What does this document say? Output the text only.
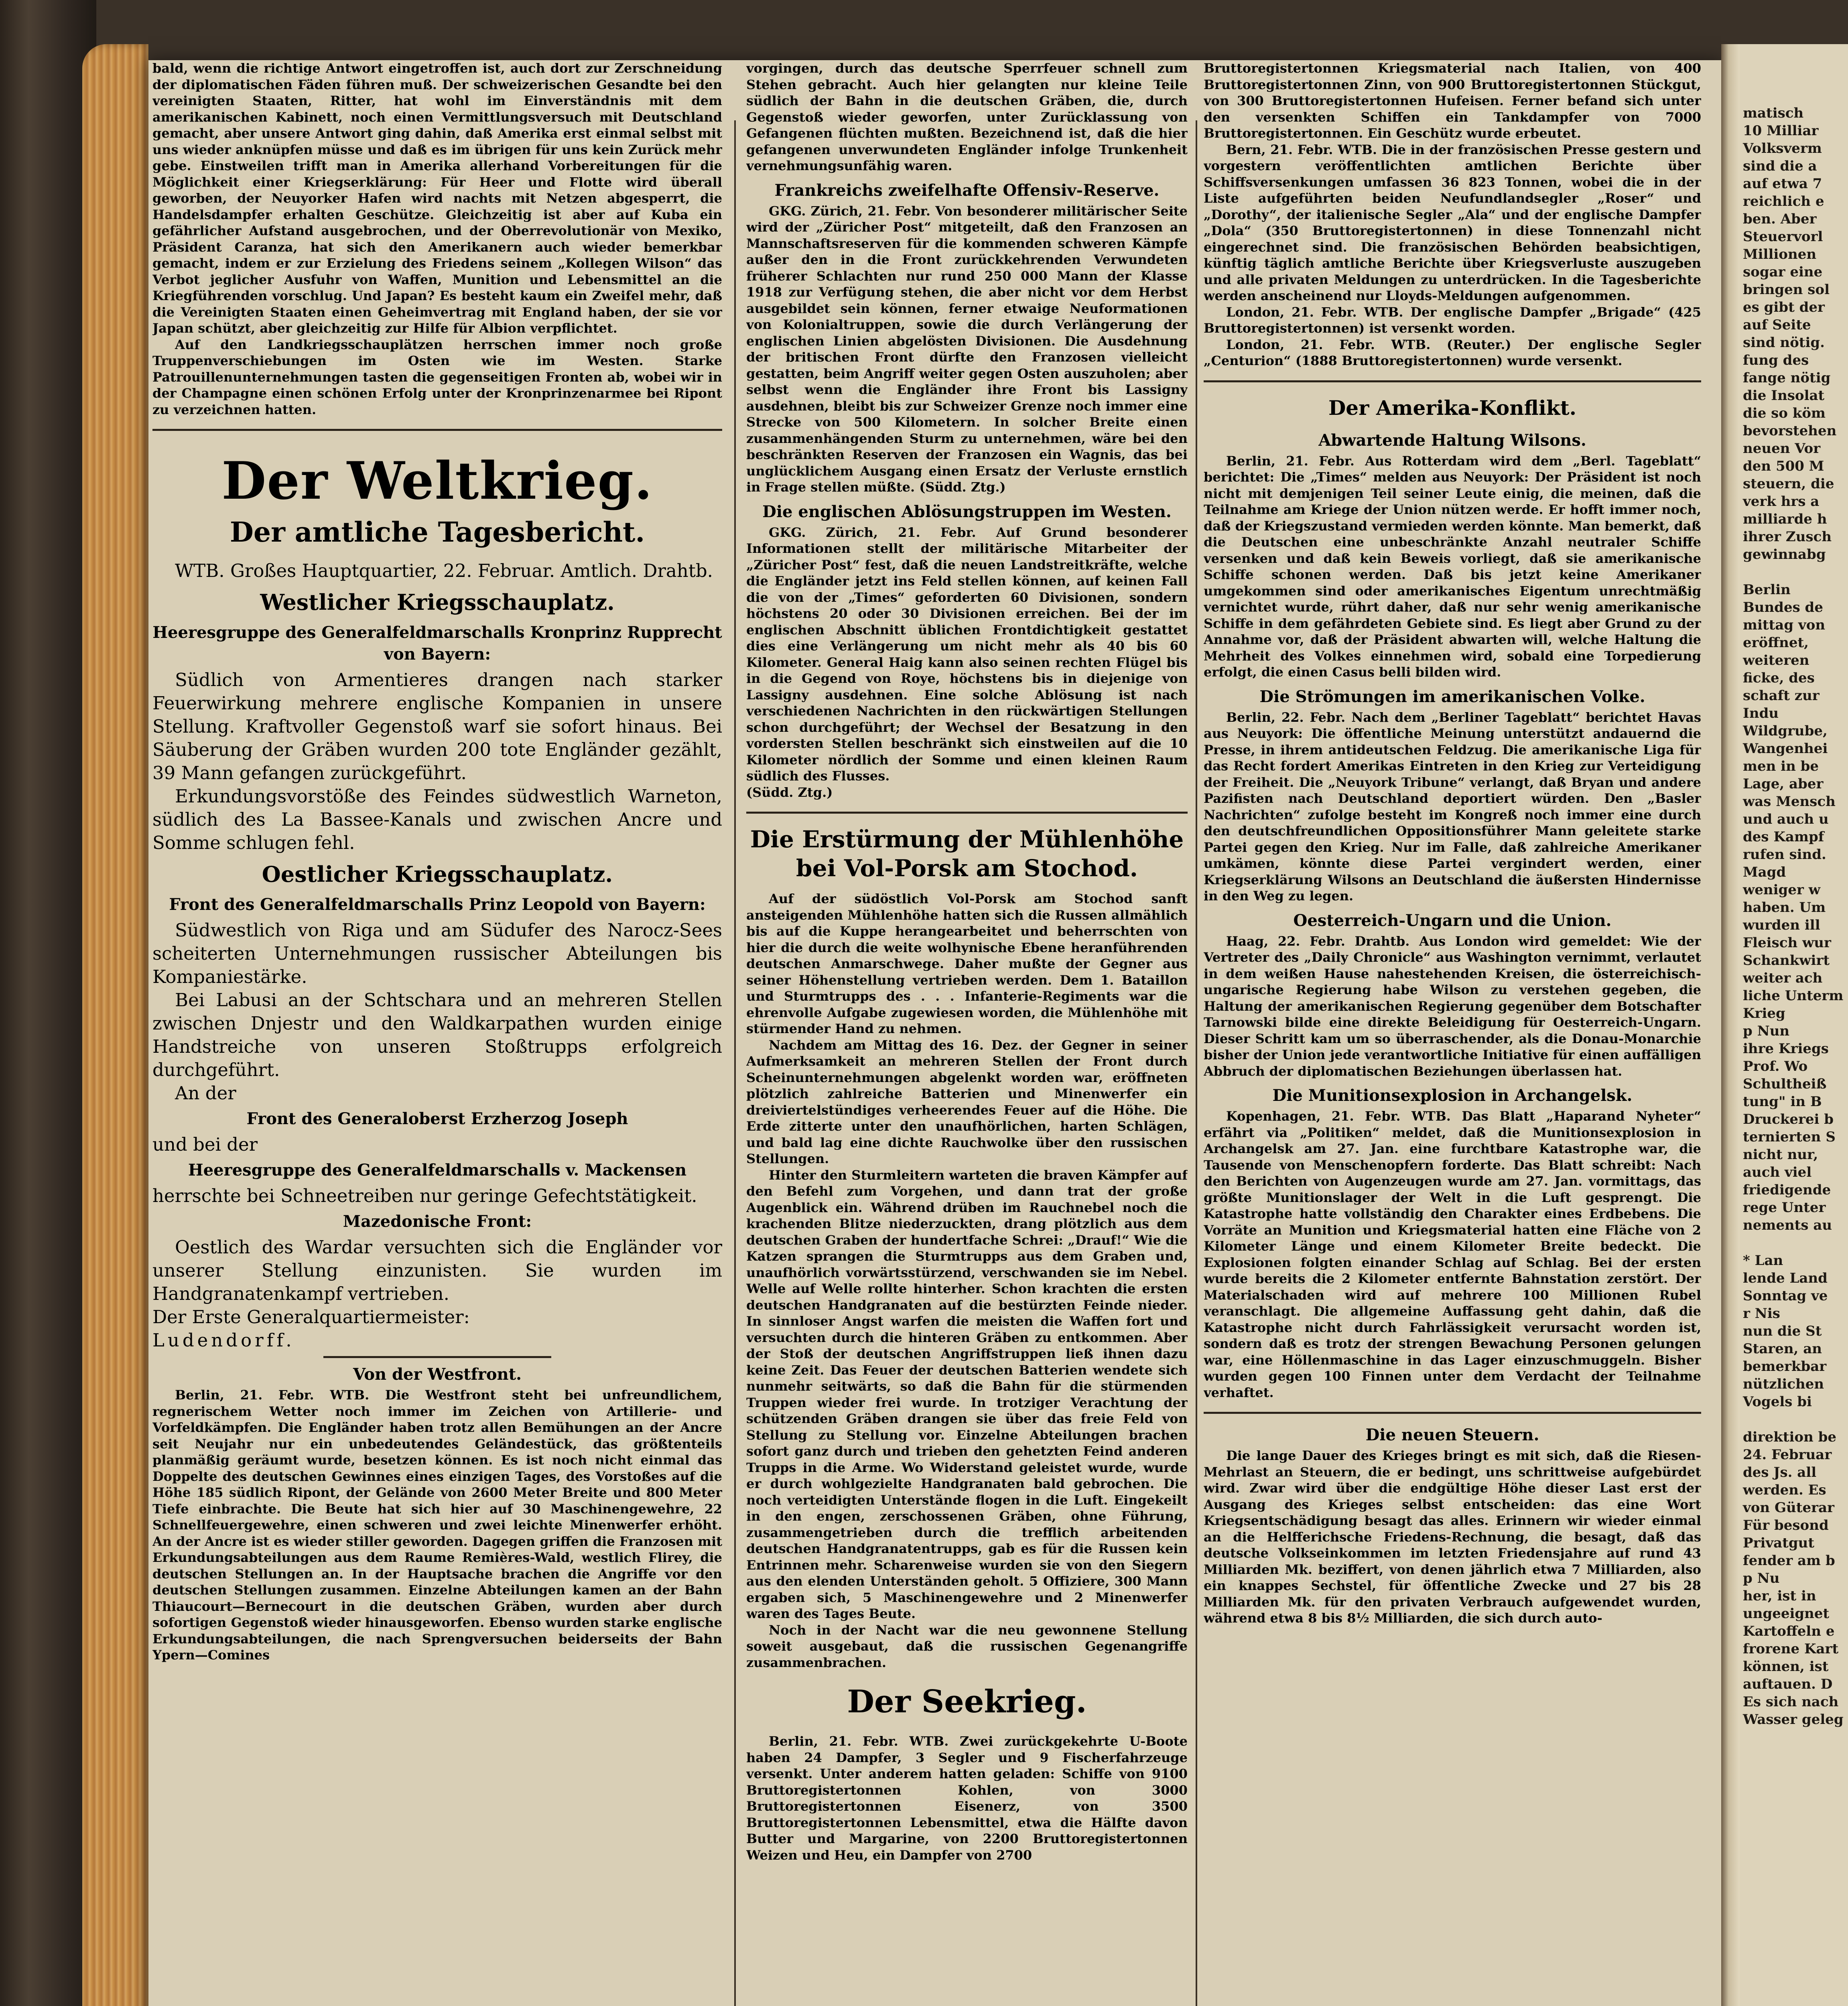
matisch
10 Milliar
Volksverm
sind die a
auf etwa 7
reichlich e
ben. Aber
Steuervorl
Millionen
sogar eine
bringen sol
es gibt der
auf Seite
sind nötig.
fung des
fange nötig
die Insolat
die so köm
bevorstehen
neuen Vor
den 500 M
steuern, die
verk hrs a
milliarde h
ihrer Zusch
gewinnabg

Berlin
Bundes de
mittag von
eröffnet,
weiteren
ficke, des
schaft zur
Indu
Wildgrube,
Wangenhei
men in be
Lage, aber
was Mensch
und auch u
des Kampf
rufen sind.
Magd
weniger w
haben. Um
wurden ill
Fleisch wur
Schankwirt
weiter ach
liche Unterm
Krieg
p Nun
ihre Kriegs
Prof. Wo
Schultheiß
tung" in B
Druckerei b
ternierten S
nicht nur,
auch viel
friedigende
rege Unter
nements au

* Lan
lende Land
Sonntag ve
r Nis
nun die St
Staren, an
bemerkbar
nützlichen
Vogels bi

direktion be
24. Februar
des Js. all
werden. Es
von Güterar
Für besond
Privatgut
fender am b
p Nu
her, ist in
ungeeignet
Kartoffeln e
frorene Kart
können, ist
auftauen. D
Es sich nach
Wasser geleg

bald, wenn die richtige Antwort eingetroffen ist, auch dort zur Zerschneidung der diplomatischen Fäden führen muß. Der schweizerischen Gesandte bei den vereinigten Staaten, Ritter, hat wohl im Einverständnis mit dem amerikanischen Kabinett, noch einen Vermittlungsversuch mit Deutschland gemacht, aber unsere Antwort ging dahin, daß Amerika erst einmal selbst mit uns wieder anknüpfen müsse und daß es im übrigen für uns kein Zurück mehr gebe. Einstweilen trifft man in Amerika allerhand Vorbereitungen für die Möglichkeit einer Kriegserklärung: Für Heer und Flotte wird überall geworben, der Neuyorker Hafen wird nachts mit Netzen abgesperrt, die Handelsdampfer erhalten Geschütze. Gleichzeitig ist aber auf Kuba ein gefährlicher Aufstand ausgebrochen, und der Oberrevolutionär von Mexiko, Präsident Caranza, hat sich den Amerikanern auch wieder bemerkbar gemacht, indem er zur Erzielung des Friedens seinem „Kollegen Wilson“ das Verbot jeglicher Ausfuhr von Waffen, Munition und Lebensmittel an die Kriegführenden vorschlug. Und Japan? Es besteht kaum ein Zweifel mehr, daß die Vereinigten Staaten einen Geheimvertrag mit England haben, der sie vor Japan schützt, aber gleichzeitig zur Hilfe für Albion verpflichtet.

Auf den Landkriegsschauplätzen herrschen immer noch große Truppenverschiebungen im Osten wie im Westen. Starke Patrouillenunternehmungen tasten die gegenseitigen Fronten ab, wobei wir in der Champagne einen schönen Erfolg unter der Kronprinzenarmee bei Ripont zu verzeichnen hatten.

Der Weltkrieg.
Der amtliche Tagesbericht.

WTB. Großes Hauptquartier, 22. Februar. Amtlich. Drahtb.

Westlicher Kriegsschauplatz.
Heeresgruppe des Generalfeldmarschalls Kronprinz Rupprecht von Bayern:

Südlich von Armentieres drangen nach starker Feuerwirkung mehrere englische Kompanien in unsere Stellung. Kraftvoller Gegenstoß warf sie sofort hinaus. Bei Säuberung der Gräben wurden 200 tote Engländer gezählt, 39 Mann gefangen zurückgeführt.

Erkundungsvorstöße des Feindes südwestlich Warneton, südlich des La Bassee-Kanals und zwischen Ancre und Somme schlugen fehl.

Oestlicher Kriegsschauplatz.
Front des Generalfeldmarschalls Prinz Leopold von Bayern:

Südwestlich von Riga und am Südufer des Narocz-Sees scheiterten Unternehmungen russischer Abteilungen bis Kompaniestärke.

Bei Labusi an der Schtschara und an mehreren Stellen zwischen Dnjestr und den Waldkarpathen wurden einige Handstreiche von unseren Stoßtrupps erfolgreich durchgeführt.

An der

Front des Generaloberst Erzherzog Joseph

und bei der

Heeresgruppe des Generalfeldmarschalls v. Mackensen

herrschte bei Schneetreiben nur geringe Gefechtstätigkeit.

Mazedonische Front:

Oestlich des Wardar versuchten sich die Engländer vor unserer Stellung einzunisten. Sie wurden im Handgranatenkampf vertrieben.

Der Erste Generalquartiermeister:

Ludendorff.

Von der Westfront.

Berlin, 21. Febr. WTB. Die Westfront steht bei unfreundlichem, regnerischem Wetter noch immer im Zeichen von Artillerie- und Vorfeldkämpfen. Die Engländer haben trotz allen Bemühungen an der Ancre seit Neujahr nur ein unbedeutendes Geländestück, das größtenteils planmäßig geräumt wurde, besetzen können. Es ist noch nicht einmal das Doppelte des deutschen Gewinnes eines einzigen Tages, des Vorstoßes auf die Höhe 185 südlich Ripont, der Gelände von 2600 Meter Breite und 800 Meter Tiefe einbrachte. Die Beute hat sich hier auf 30 Maschinengewehre, 22 Schnellfeuergewehre, einen schweren und zwei leichte Minenwerfer erhöht. An der Ancre ist es wieder stiller geworden. Dagegen griffen die Franzosen mit Erkundungsabteilungen aus dem Raume Remières-Wald, westlich Flirey, die deutschen Stellungen an. In der Hauptsache brachen die Angriffe vor den deutschen Stellungen zusammen. Einzelne Abteilungen kamen an der Bahn Thiaucourt—Bernecourt in die deutschen Gräben, wurden aber durch sofortigen Gegenstoß wieder hinausgeworfen. Ebenso wurden starke englische Erkundungsabteilungen, die nach Sprengversuchen beiderseits der Bahn Ypern—Comines

vorgingen, durch das deutsche Sperrfeuer schnell zum Stehen gebracht. Auch hier gelangten nur kleine Teile südlich der Bahn in die deutschen Gräben, die, durch Gegenstoß wieder geworfen, unter Zurücklassung von Gefangenen flüchten mußten. Bezeichnend ist, daß die hier gefangenen unverwundeten Engländer infolge Trunkenheit vernehmungsunfähig waren.

Frankreichs zweifelhafte Offensiv-Reserve.

GKG. Zürich, 21. Febr. Von besonderer militärischer Seite wird der „Züricher Post“ mitgeteilt, daß den Franzosen an Mannschaftsreserven für die kommenden schweren Kämpfe außer den in die Front zurückkehrenden Verwundeten früherer Schlachten nur rund 250 000 Mann der Klasse 1918 zur Verfügung stehen, die aber nicht vor dem Herbst ausgebildet sein können, ferner etwaige Neuformationen von Kolonialtruppen, sowie die durch Verlängerung der englischen Linien abgelösten Divisionen. Die Ausdehnung der britischen Front dürfte den Franzosen vielleicht gestatten, beim Angriff weiter gegen Osten auszuholen; aber selbst wenn die Engländer ihre Front bis Lassigny ausdehnen, bleibt bis zur Schweizer Grenze noch immer eine Strecke von 500 Kilometern. In solcher Breite einen zusammenhängenden Sturm zu unternehmen, wäre bei den beschränkten Reserven der Franzosen ein Wagnis, das bei unglücklichem Ausgang einen Ersatz der Verluste ernstlich in Frage stellen müßte. (Südd. Ztg.)

Die englischen Ablösungstruppen im Westen.

GKG. Zürich, 21. Febr. Auf Grund besonderer Informationen stellt der militärische Mitarbeiter der „Züricher Post“ fest, daß die neuen Landstreitkräfte, welche die Engländer jetzt ins Feld stellen können, auf keinen Fall die von der „Times“ geforderten 60 Divisionen, sondern höchstens 20 oder 30 Divisionen erreichen. Bei der im englischen Abschnitt üblichen Frontdichtigkeit gestattet dies eine Verlängerung um nicht mehr als 40 bis 60 Kilometer. General Haig kann also seinen rechten Flügel bis in die Gegend von Roye, höchstens bis in diejenige von Lassigny ausdehnen. Eine solche Ablösung ist nach verschiedenen Nachrichten in den rückwärtigen Stellungen schon durchgeführt; der Wechsel der Besatzung in den vordersten Stellen beschränkt sich einstweilen auf die 10 Kilometer nördlich der Somme und einen kleinen Raum südlich des Flusses.

(Südd. Ztg.)

Die Erstürmung der Mühlenhöhe bei Vol-Porsk am Stochod.

Auf der südöstlich Vol-Porsk am Stochod sanft ansteigenden Mühlenhöhe hatten sich die Russen allmählich bis auf die Kuppe herangearbeitet und beherrschten von hier die durch die weite wolhynische Ebene heranführenden deutschen Anmarschwege. Daher mußte der Gegner aus seiner Höhenstellung vertrieben werden. Dem 1. Bataillon und Sturmtrupps des . . . Infanterie-Regiments war die ehrenvolle Aufgabe zugewiesen worden, die Mühlenhöhe mit stürmender Hand zu nehmen.

Nachdem am Mittag des 16. Dez. der Gegner in seiner Aufmerksamkeit an mehreren Stellen der Front durch Scheinunternehmungen abgelenkt worden war, eröffneten plötzlich zahlreiche Batterien und Minenwerfer ein dreiviertelstündiges verheerendes Feuer auf die Höhe. Die Erde zitterte unter den unaufhörlichen, harten Schlägen, und bald lag eine dichte Rauchwolke über den russischen Stellungen.

Hinter den Sturmleitern warteten die braven Kämpfer auf den Befehl zum Vorgehen, und dann trat der große Augenblick ein. Während drüben im Rauchnebel noch die krachenden Blitze niederzuckten, drang plötzlich aus dem deutschen Graben der hundertfache Schrei: „Drauf!“ Wie die Katzen sprangen die Sturmtrupps aus dem Graben und, unaufhörlich vorwärtsstürzend, verschwanden sie im Nebel. Welle auf Welle rollte hinterher. Schon krachten die ersten deutschen Handgranaten auf die bestürzten Feinde nieder. In sinnloser Angst warfen die meisten die Waffen fort und versuchten durch die hinteren Gräben zu entkommen. Aber der Stoß der deutschen Angriffstruppen ließ ihnen dazu keine Zeit. Das Feuer der deutschen Batterien wendete sich nunmehr seitwärts, so daß die Bahn für die stürmenden Truppen wieder frei wurde. In trotziger Verachtung der schützenden Gräben drangen sie über das freie Feld von Stellung zu Stellung vor. Einzelne Abteilungen brachen sofort ganz durch und trieben den gehetzten Feind anderen Trupps in die Arme. Wo Widerstand geleistet wurde, wurde er durch wohlgezielte Handgranaten bald gebrochen. Die noch verteidigten Unterstände flogen in die Luft. Eingekeilt in den engen, zerschossenen Gräben, ohne Führung, zusammengetrieben durch die trefflich arbeitenden deutschen Handgranatentrupps, gab es für die Russen kein Entrinnen mehr. Scharenweise wurden sie von den Siegern aus den elenden Unterständen geholt. 5 Offiziere, 300 Mann ergaben sich, 5 Maschinengewehre und 2 Minenwerfer waren des Tages Beute.

Noch in der Nacht war die neu gewonnene Stellung soweit ausgebaut, daß die russischen Gegenangriffe zusammenbrachen.

Der Seekrieg.

Berlin, 21. Febr. WTB. Zwei zurückgekehrte U-Boote haben 24 Dampfer, 3 Segler und 9 Fischerfahrzeuge versenkt. Unter anderem hatten geladen: Schiffe von 9100 Bruttoregistertonnen Kohlen, von 3000 Bruttoregistertonnen Eisenerz, von 3500 Bruttoregistertonnen Lebensmittel, etwa die Hälfte davon Butter und Margarine, von 2200 Bruttoregistertonnen Weizen und Heu, ein Dampfer von 2700

Bruttoregistertonnen Kriegsmaterial nach Italien, von 400 Bruttoregistertonnen Zinn, von 900 Bruttoregistertonnen Stückgut, von 300 Bruttoregistertonnen Hufeisen. Ferner befand sich unter den versenkten Schiffen ein Tankdampfer von 7000 Bruttoregistertonnen. Ein Geschütz wurde erbeutet.

Bern, 21. Febr. WTB. Die in der französischen Presse gestern und vorgestern veröffentlichten amtlichen Berichte über Schiffsversenkungen umfassen 36 823 Tonnen, wobei die in der Liste aufgeführten beiden Neufundlandsegler „Roser“ und „Dorothy“, der italienische Segler „Ala“ und der englische Dampfer „Dola“ (350 Bruttoregistertonnen) in diese Tonnenzahl nicht eingerechnet sind. Die französischen Behörden beabsichtigen, künftig täglich amtliche Berichte über Kriegsverluste auszugeben und alle privaten Meldungen zu unterdrücken. In die Tagesberichte werden anscheinend nur Lloyds-Meldungen aufgenommen.

London, 21. Febr. WTB. Der englische Dampfer „Brigade“ (425 Bruttoregistertonnen) ist versenkt worden.

London, 21. Febr. WTB. (Reuter.) Der englische Segler „Centurion“ (1888 Bruttoregistertonnen) wurde versenkt.

Der Amerika-Konflikt.
Abwartende Haltung Wilsons.

Berlin, 21. Febr. Aus Rotterdam wird dem „Berl. Tageblatt“ berichtet: Die „Times“ melden aus Neuyork: Der Präsident ist noch nicht mit demjenigen Teil seiner Leute einig, die meinen, daß die Teilnahme am Kriege der Union nützen werde. Er hofft immer noch, daß der Kriegszustand vermieden werden könnte. Man bemerkt, daß die Deutschen eine unbeschränkte Anzahl neutraler Schiffe versenken und daß kein Beweis vorliegt, daß sie amerikanische Schiffe schonen werden. Daß bis jetzt keine Amerikaner umgekommen sind oder amerikanisches Eigentum unrechtmäßig vernichtet wurde, rührt daher, daß nur sehr wenig amerikanische Schiffe in dem gefährdeten Gebiete sind. Es liegt aber Grund zu der Annahme vor, daß der Präsident abwarten will, welche Haltung die Mehrheit des Volkes einnehmen wird, sobald eine Torpedierung erfolgt, die einen Casus belli bilden wird.

Die Strömungen im amerikanischen Volke.

Berlin, 22. Febr. Nach dem „Berliner Tageblatt“ berichtet Havas aus Neuyork: Die öffentliche Meinung unterstützt andauernd die Presse, in ihrem antideutschen Feldzug. Die amerikanische Liga für das Recht fordert Amerikas Eintreten in den Krieg zur Verteidigung der Freiheit. Die „Neuyork Tribune“ verlangt, daß Bryan und andere Pazifisten nach Deutschland deportiert würden. Den „Basler Nachrichten“ zufolge besteht im Kongreß noch immer eine durch den deutschfreundlichen Oppositionsführer Mann geleitete starke Partei gegen den Krieg. Nur im Falle, daß zahlreiche Amerikaner umkämen, könnte diese Partei vergindert werden, einer Kriegserklärung Wilsons an Deutschland die äußersten Hindernisse in den Weg zu legen.

Oesterreich-Ungarn und die Union.

Haag, 22. Febr. Drahtb. Aus London wird gemeldet: Wie der Vertreter des „Daily Chronicle“ aus Washington vernimmt, verlautet in dem weißen Hause nahestehenden Kreisen, die österreichisch-ungarische Regierung habe Wilson zu verstehen gegeben, die Haltung der amerikanischen Regierung gegenüber dem Botschafter Tarnowski bilde eine direkte Beleidigung für Oesterreich-Ungarn. Dieser Schritt kam um so überraschender, als die Donau-Monarchie bisher der Union jede verantwortliche Initiative für einen auffälligen Abbruch der diplomatischen Beziehungen überlassen hat.

Die Munitionsexplosion in Archangelsk.

Kopenhagen, 21. Febr. WTB. Das Blatt „Haparand Nyheter“ erfährt via „Politiken“ meldet, daß die Munitionsexplosion in Archangelsk am 27. Jan. eine furchtbare Katastrophe war, die Tausende von Menschenopfern forderte. Das Blatt schreibt: Nach den Berichten von Augenzeugen wurde am 27. Jan. vormittags, das größte Munitionslager der Welt in die Luft gesprengt. Die Katastrophe hatte vollständig den Charakter eines Erdbebens. Die Vorräte an Munition und Kriegsmaterial hatten eine Fläche von 2 Kilometer Länge und einem Kilometer Breite bedeckt. Die Explosionen folgten einander Schlag auf Schlag. Bei der ersten wurde bereits die 2 Kilometer entfernte Bahnstation zerstört. Der Materialschaden wird auf mehrere 100 Millionen Rubel veranschlagt. Die allgemeine Auffassung geht dahin, daß die Katastrophe nicht durch Fahrlässigkeit verursacht worden ist, sondern daß es trotz der strengen Bewachung Personen gelungen war, eine Höllenmaschine in das Lager einzuschmuggeln. Bisher wurden gegen 100 Finnen unter dem Verdacht der Teilnahme verhaftet.

Die neuen Steuern.

Die lange Dauer des Krieges bringt es mit sich, daß die Riesen-Mehrlast an Steuern, die er bedingt, uns schrittweise aufgebürdet wird. Zwar wird über die endgültige Höhe dieser Last erst der Ausgang des Krieges selbst entscheiden: das eine Wort Kriegsentschädigung besagt das alles. Erinnern wir wieder einmal an die Helfferichsche Friedens-Rechnung, die besagt, daß das deutsche Volkseinkommen im letzten Friedensjahre auf rund 43 Milliarden Mk. beziffert, von denen jährlich etwa 7 Milliarden, also ein knappes Sechstel, für öffentliche Zwecke und 27 bis 28 Milliarden Mk. für den privaten Verbrauch aufgewendet wurden, während etwa 8 bis 8½ Milliarden, die sich durch auto-
